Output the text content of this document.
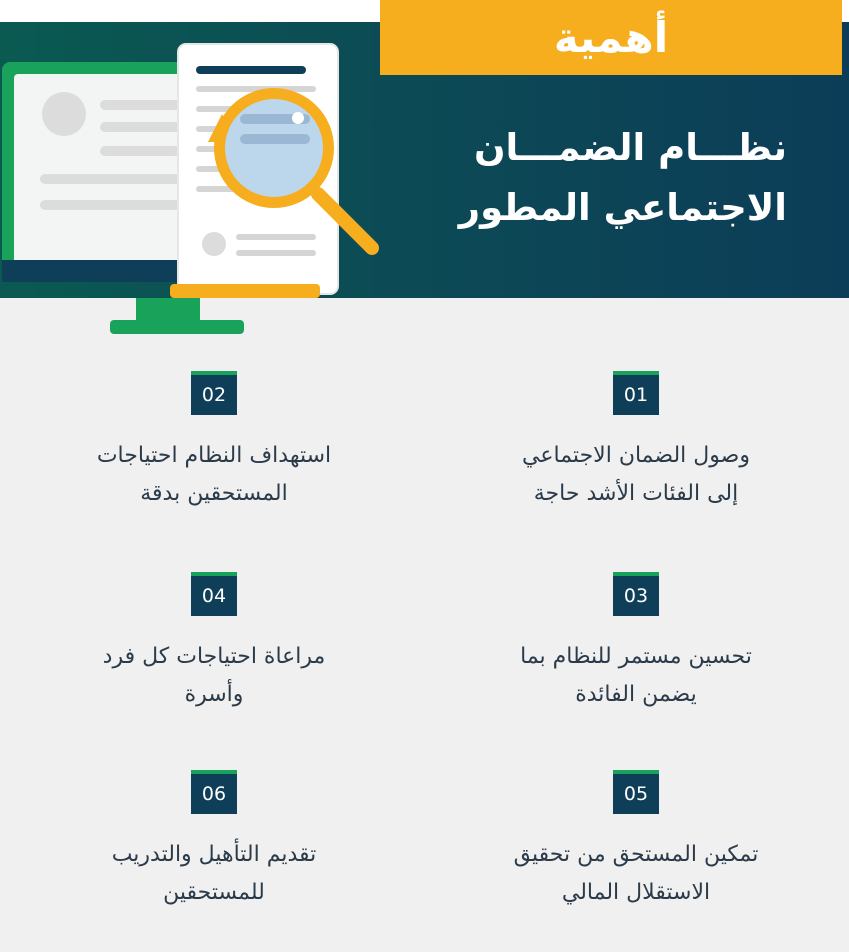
أهمية
نظـــام الضمـــان
الاجتماعي المطور
01
وصول الضمان الاجتماعي
إلى الفئات الأشد حاجة
02
استهداف النظام احتياجات
المستحقين بدقة
03
تحسين مستمر للنظام بما
يضمن الفائدة
04
مراعاة احتياجات كل فرد
وأسرة
05
تمكين المستحق من تحقيق
الاستقلال المالي
06
تقديم التأهيل والتدريب
للمستحقين
